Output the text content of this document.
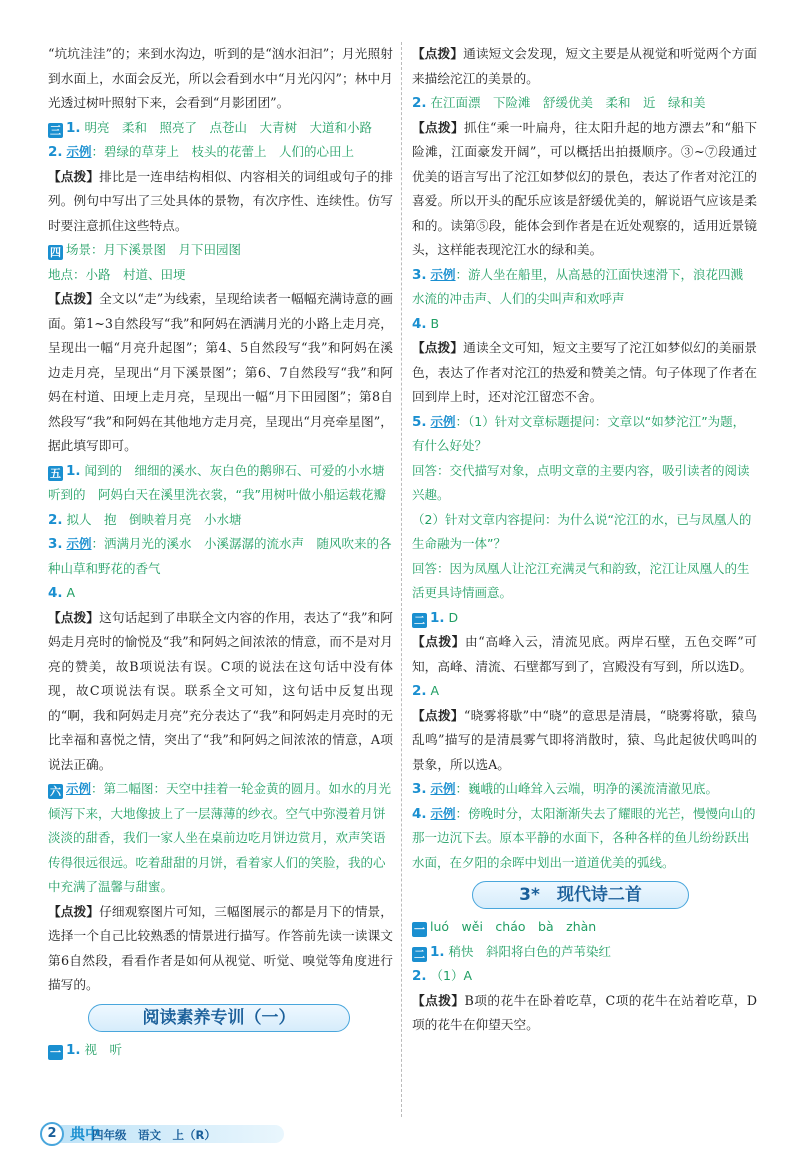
“坑坑洼洼”的；来到水沟边，听到的是“汹水汩汩”；月光照射到水面上，水面会反光，所以会看到水中“月光闪闪”；林中月光透过树叶照射下来，会看到“月影团团”。

三 1. 明亮　柔和　照亮了　点苍山　大青树　大道和小路

2. 示例：碧绿的草芽上　枝头的花蕾上　人们的心田上

【点拨】排比是一连串结构相似、内容相关的词组或句子的排列。例句中写出了三处具体的景物，有次序性、连续性。仿写时要注意抓住这些特点。

四 场景：月下溪景图　月下田园图

地点：小路　村道、田埂

【点拨】全文以“走”为线索，呈现给读者一幅幅充满诗意的画面。第1~3自然段写“我”和阿妈在洒满月光的小路上走月亮，呈现出一幅“月亮升起图”；第4、5自然段写“我”和阿妈在溪边走月亮，呈现出“月下溪景图”；第6、7自然段写“我”和阿妈在村道、田埂上走月亮，呈现出一幅“月下田园图”；第8自然段写“我”和阿妈在其他地方走月亮，呈现出“月亮牵星图”，据此填写即可。

五 1. 闻到的　细细的溪水、灰白色的鹅卵石、可爱的小水塘　听到的　阿妈白天在溪里洗衣裳，“我”用树叶做小船运载花瓣

2. 拟人　抱　倒映着月亮　小水塘

3. 示例：洒满月光的溪水　小溪潺潺的流水声　随风吹来的各种山草和野花的香气

4. A

【点拨】这句话起到了串联全文内容的作用，表达了“我”和阿妈走月亮时的愉悦及“我”和阿妈之间浓浓的情意，而不是对月亮的赞美，故B项说法有误。C项的说法在这句话中没有体现，故C项说法有误。联系全文可知，这句话中反复出现的“啊，我和阿妈走月亮”充分表达了“我”和阿妈走月亮时的无比幸福和喜悦之情，突出了“我”和阿妈之间浓浓的情意，A项说法正确。

六 示例：第二幅图：天空中挂着一轮金黄的圆月。如水的月光倾泻下来，大地像披上了一层薄薄的纱衣。空气中弥漫着月饼淡淡的甜香，我们一家人坐在桌前边吃月饼边赏月，欢声笑语传得很远很远。吃着甜甜的月饼，看着家人们的笑脸，我的心中充满了温馨与甜蜜。

【点拨】仔细观察图片可知，三幅图展示的都是月下的情景，选择一个自己比较熟悉的情景进行描写。作答前先读一读课文第6自然段，看看作者是如何从视觉、听觉、嗅觉等角度进行描写的。

阅读素养专训（一）

一 1. 视　听

【点拨】通读短文会发现，短文主要是从视觉和听觉两个方面来描绘沱江的美景的。

2. 在江面漂　下险滩　舒缓优美　柔和　近　绿和美

【点拨】抓住“乘一叶扁舟，往太阳升起的地方漂去”和“船下险滩，江面豪发开阔”，可以概括出拍摄顺序。③~⑦段通过优美的语言写出了沱江如梦似幻的景色，表达了作者对沱江的喜爱。所以开头的配乐应该是舒缓优美的，解说语气应该是柔和的。读第⑤段，能体会到作者是在近处观察的，适用近景镜头，这样能表现沱江水的绿和美。

3. 示例：游人坐在船里，从高悬的江面快速滑下，浪花四溅　水流的冲击声、人们的尖叫声和欢呼声

4. B

【点拨】通读全文可知，短文主要写了沱江如梦似幻的美丽景色，表达了作者对沱江的热爱和赞美之情。句子体现了作者在回到岸上时，还对沱江留恋不舍。

5. 示例：（1）针对文章标题提问：文章以“如梦沱江”为题，有什么好处？

回答：交代描写对象，点明文章的主要内容，吸引读者的阅读兴趣。

（2）针对文章内容提问：为什么说“沱江的水，已与凤凰人的生命融为一体”？

回答：因为凤凰人让沱江充满灵气和韵致，沱江让凤凰人的生活更具诗情画意。

二 1. D

【点拨】由“高峰入云，清流见底。两岸石壁，五色交晖”可知，高峰、清流、石壁都写到了，宫殿没有写到，所以选D。

2. A

【点拨】“晓雾将歇”中“晓”的意思是清晨，“晓雾将歇，猿鸟乱鸣”描写的是清晨雾气即将消散时，猿、鸟此起彼伏鸣叫的景象，所以选A。

3. 示例：巍峨的山峰耸入云端，明净的溪流清澈见底。

4. 示例：傍晚时分，太阳渐渐失去了耀眼的光芒，慢慢向山的那一边沉下去。原本平静的水面下，各种各样的鱼儿纷纷跃出水面，在夕阳的余晖中划出一道道优美的弧线。

3*　现代诗二首

一 luó　wěi　cháo　bà　zhàn

二 1. 稍快　斜阳将白色的芦苇染红

2. （1）A

【点拨】B项的花牛在卧着吃草，C项的花牛在站着吃草，D项的花牛在仰望天空。

2 典中
四年级　语文　上（R）
